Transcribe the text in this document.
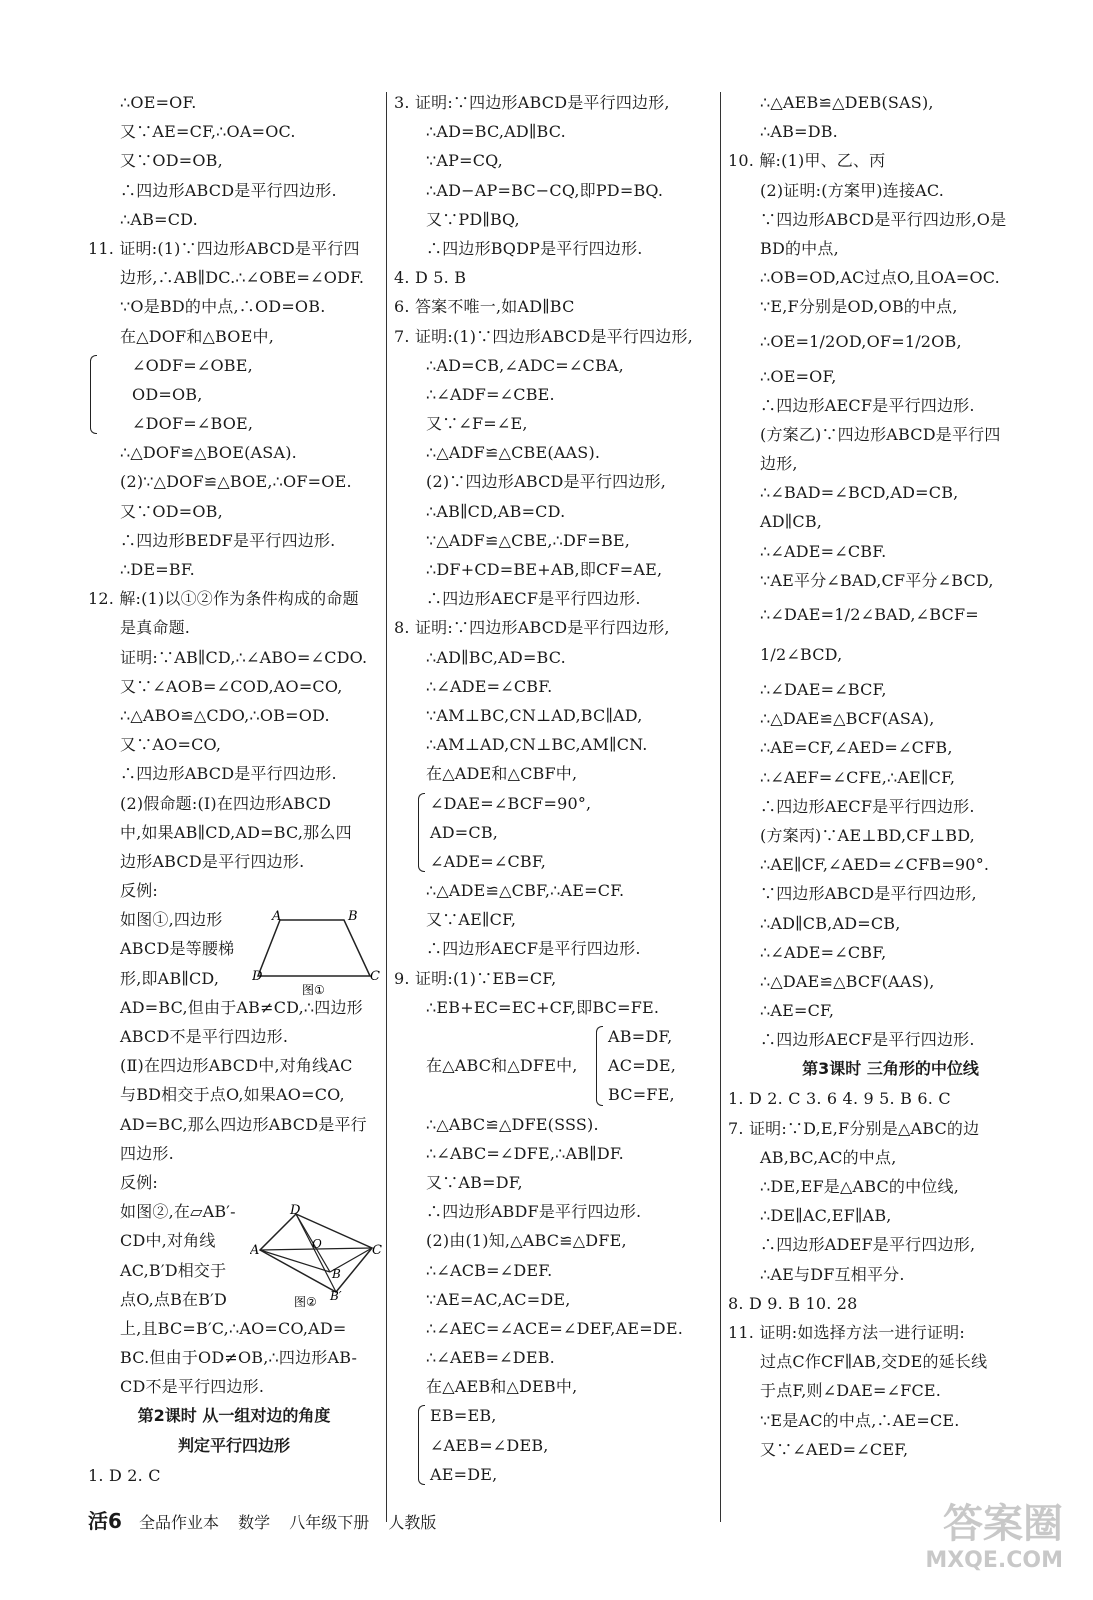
∴OE=OF.
又∵AE=CF,∴OA=OC.
又∵OD=OB,
∴四边形ABCD是平行四边形.
∴AB=CD.
11. 证明:(1)∵四边形ABCD是平行四
边形,∴AB∥DC.∴∠OBE=∠ODF.
∵O是BD的中点,∴OD=OB.
在△DOF和△BOE中,
∠ODF=∠OBE,
OD=OB,
∠DOF=∠BOE,
∴△DOF≌△BOE(ASA).
(2)∵△DOF≌△BOE,∴OF=OE.
又∵OD=OB,
∴四边形BEDF是平行四边形.
∴DE=BF.
12. 解:(1)以①②作为条件构成的命题
是真命题.
证明:∵AB∥CD,∴∠ABO=∠CDO.
又∵∠AOB=∠COD,AO=CO,
∴△ABO≌△CDO,∴OB=OD.
又∵AO=CO,
∴四边形ABCD是平行四边形.
(2)假命题:(Ⅰ)在四边形ABCD
中,如果AB∥CD,AD=BC,那么四
边形ABCD是平行四边形.
反例:
如图①,四边形
ABCD是等腰梯
形,即AB∥CD,
AD=BC,但由于AB≠CD,∴四边形
ABCD不是平行四边形.
(Ⅱ)在四边形ABCD中,对角线AC
与BD相交于点O,如果AO=CO,
AD=BC,那么四边形ABCD是平行
四边形.
反例:
如图②,在▱AB′-
CD中,对角线
AC,B′D相交于
点O,点B在B′D
上,且BC=B′C,∴AO=CO,AD=
BC.但由于OD≠OB,∴四边形AB-
CD不是平行四边形.
第2课时 从一组对边的角度
判定平行四边形
1. D 2. C
A	B
C
D
图①
D
A	C
O
B
B′
图②
3. 证明:∵四边形ABCD是平行四边形,
∴AD=BC,AD∥BC.
∵AP=CQ,
∴AD−AP=BC−CQ,即PD=BQ.
又∵PD∥BQ,
∴四边形BQDP是平行四边形.
4. D 5. B
6. 答案不唯一,如AD∥BC
7. 证明:(1)∵四边形ABCD是平行四边形,
∴AD=CB,∠ADC=∠CBA,
∴∠ADF=∠CBE.
又∵∠F=∠E,
∴△ADF≌△CBE(AAS).
(2)∵四边形ABCD是平行四边形,
∴AB∥CD,AB=CD.
∵△ADF≌△CBE,∴DF=BE,
∴DF+CD=BE+AB,即CF=AE,
∴四边形AECF是平行四边形.
8. 证明:∵四边形ABCD是平行四边形,
∴AD∥BC,AD=BC.
∴∠ADE=∠CBF.
∵AM⊥BC,CN⊥AD,BC∥AD,
∴AM⊥AD,CN⊥BC,AM∥CN.
在△ADE和△CBF中,
∠DAE=∠BCF=90°,
AD=CB,
∠ADE=∠CBF,
∴△ADE≌△CBF,∴AE=CF.
又∵AE∥CF,
∴四边形AECF是平行四边形.
9. 证明:(1)∵EB=CF,
∴EB+EC=EC+CF,即BC=FE.
在△ABC和△DFE中,
AB=DF,
AC=DE,
BC=FE,
∴△ABC≌△DFE(SSS).
∴∠ABC=∠DFE,∴AB∥DF.
又∵AB=DF,
∴四边形ABDF是平行四边形.
(2)由(1)知,△ABC≌△DFE,
∴∠ACB=∠DEF.
∵AE=AC,AC=DE,
∴∠AEC=∠ACE=∠DEF,AE=DE.
∴∠AEB=∠DEB.
在△AEB和△DEB中,
EB=EB,
∠AEB=∠DEB,
AE=DE,
∴△AEB≌△DEB(SAS),
∴AB=DB.
10. 解:(1)甲、乙、丙
(2)证明:(方案甲)连接AC.
∵四边形ABCD是平行四边形,O是
BD的中点,
∴OB=OD,AC过点O,且OA=OC.
∵E,F分别是OD,OB的中点,
∴OE=1/2OD,OF=1/2OB,
∴OE=OF,
∴四边形AECF是平行四边形.
(方案乙)∵四边形ABCD是平行四
边形,
∴∠BAD=∠BCD,AD=CB,
AD∥CB,
∴∠ADE=∠CBF.
∵AE平分∠BAD,CF平分∠BCD,
∴∠DAE=1/2∠BAD,∠BCF=
1/2∠BCD,
∴∠DAE=∠BCF,
∴△DAE≌△BCF(ASA),
∴AE=CF,∠AED=∠CFB,
∴∠AEF=∠CFE,∴AE∥CF,
∴四边形AECF是平行四边形.
(方案丙)∵AE⊥BD,CF⊥BD,
∴AE∥CF,∠AED=∠CFB=90°.
∵四边形ABCD是平行四边形,
∴AD∥CB,AD=CB,
∴∠ADE=∠CBF,
∴△DAE≌△BCF(AAS),
∴AE=CF,
∴四边形AECF是平行四边形.
第3课时 三角形的中位线
1. D 2. C 3. 6 4. 9 5. B 6. C
7. 证明:∵D,E,F分别是△ABC的边
AB,BC,AC的中点,
∴DE,EF是△ABC的中位线,
∴DE∥AC,EF∥AB,
∴四边形ADEF是平行四边形,
∴AE与DF互相平分.
8. D 9. B 10. 28
11. 证明:如选择方法一进行证明:
过点C作CF∥AB,交DE的延长线
于点F,则∠DAE=∠FCE.
∵E是AC的中点,∴AE=CE.
又∵∠AED=∠CEF,
活6 全品作业本 数学 八年级下册 人教版	答案圈
MXQE.COM
